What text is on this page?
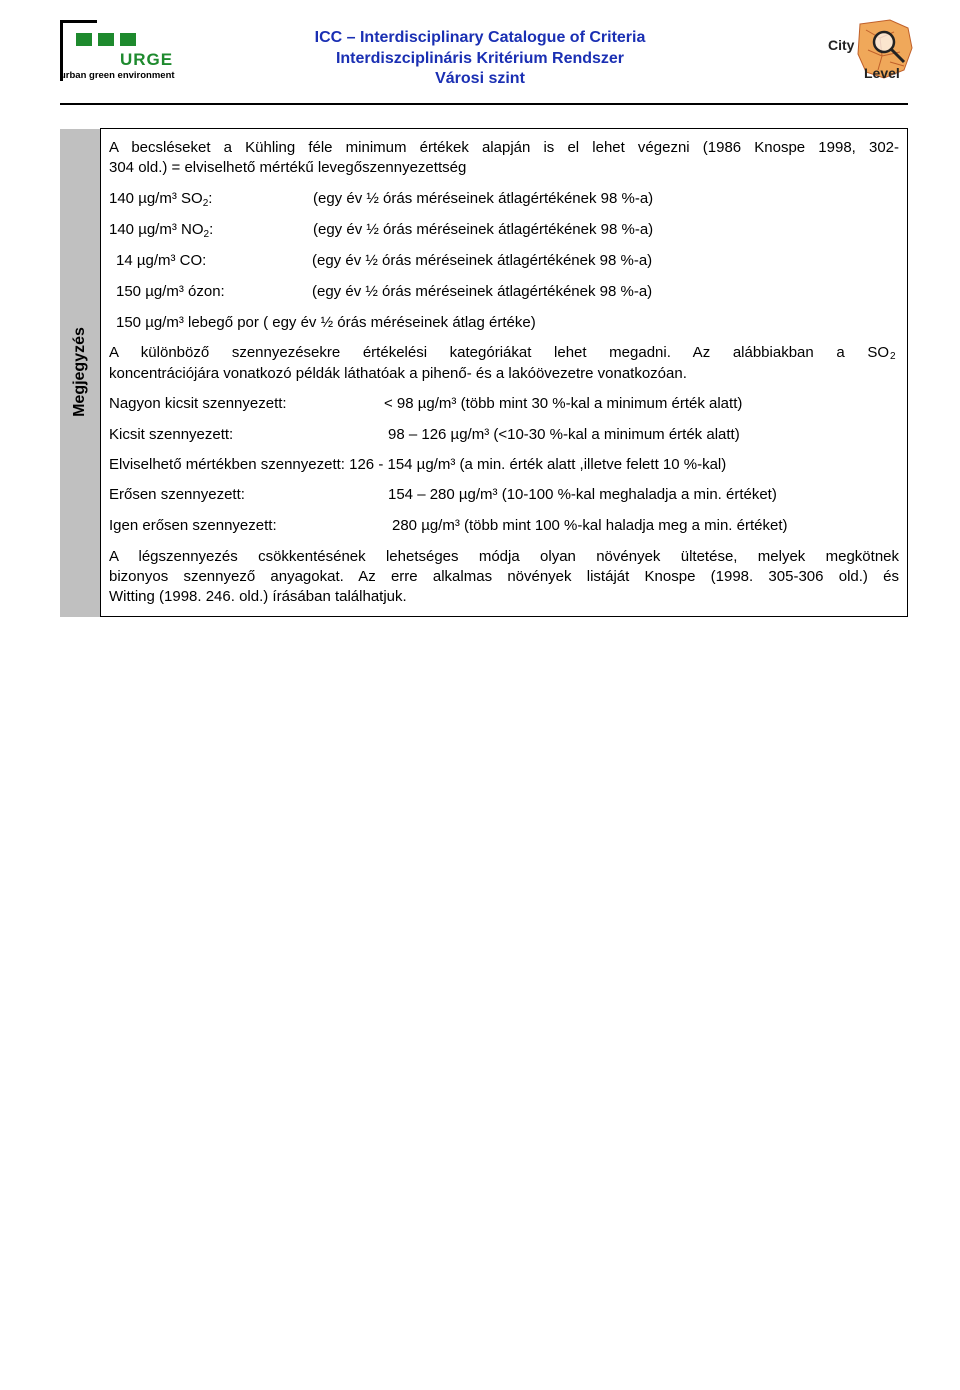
URGE
urban green environment
ICC – Interdisciplinary Catalogue of Criteria
Interdiszciplináris Kritérium Rendszer
Városi szint
City
Level
Megjegyzés
A becsléseket a Kühling féle minimum értékek alapján is el lehet végezni (1986 Knospe 1998, 302-
304 old.) = elviselhető mértékű levegőszennyezettség
140 µg/m³ $SO_2$:	(egy év ½ órás méréseinek átlagértékének 98 %-a)
140 µg/m³ $NO_2$:	(egy év ½ órás méréseinek átlagértékének 98 %-a)
14 µg/m³ CO:	(egy év ½ órás méréseinek átlagértékének 98 %-a)
150 µg/m³ ózon:	(egy év ½ órás méréseinek átlagértékének 98 %-a)
150 µg/m³ lebegő por ( egy év ½ órás méréseinek átlag értéke)
A különböző szennyezésekre értékelési kategóriákat lehet megadni. Az alábbiakban a SO 2
koncentrációjára vonatkozó példák láthatóak a pihenő- és a lakóövezetre vonatkozóan.
Nagyon kicsit szennyezett:	< 98 µg/m³ (több mint 30 %-kal a minimum érték alatt)
Kicsit szennyezett:	98 – 126 µg/m³ (<10-30 %-kal a minimum érték alatt)
Elviselhető mértékben szennyezett: 126 - 154 µg/m³ (a min. érték alatt ,illetve felett 10 %-kal)
Erősen szennyezett:	154 – 280 µg/m³ (10-100 %-kal meghaladja a min. értéket)
Igen erősen szennyezett:	280 µg/m³ (több mint 100 %-kal haladja meg a min. értéket)
A légszennyezés csökkentésének lehetséges módja olyan növények ültetése, melyek megkötnek
bizonyos szennyező anyagokat. Az erre alkalmas növények listáját Knospe (1998. 305-306 old.) és
Witting (1998. 246. old.) írásában találhatjuk.
